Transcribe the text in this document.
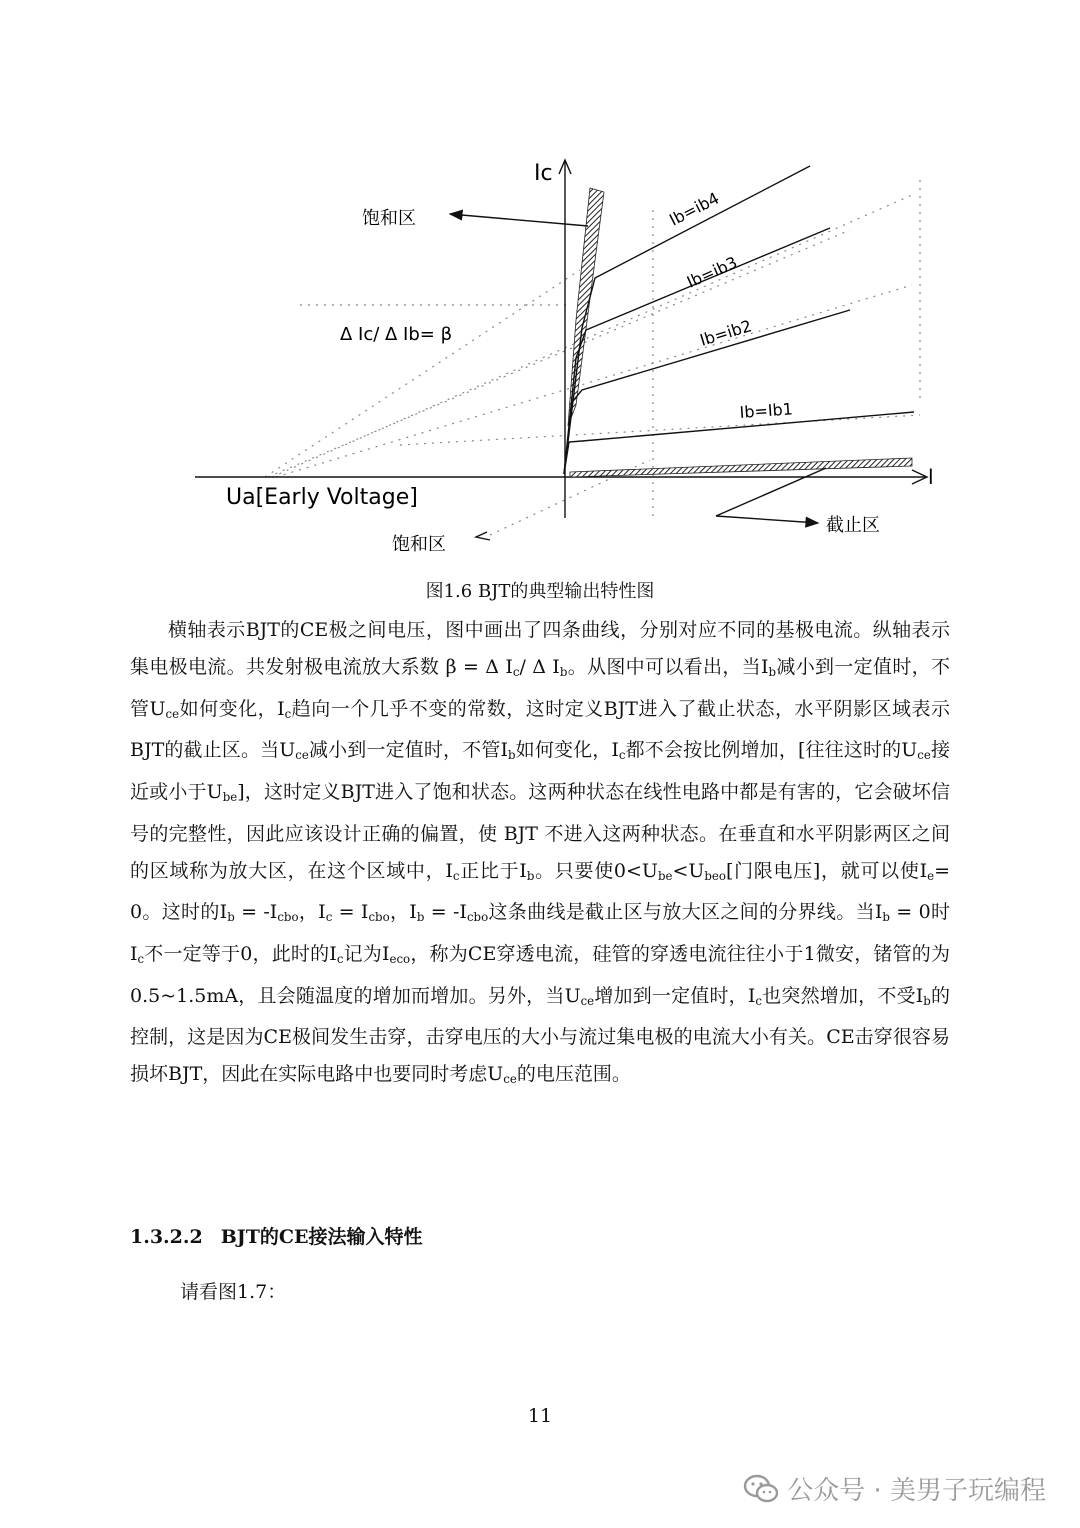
Ic
饱和区
Δ Ic/ Δ Ib= β
Ib=ib4
Ib=ib3
Ib=ib2
Ib=Ib1
Ua[Early Voltage]
饱和区
截止区
l
图1.6 BJT的典型输出特性图

横轴表示BJT的CE极之间电压，图中画出了四条曲线，分别对应不同的基极电流。纵轴表示集电极电流。共发射极电流放大系数 β = Δ $I_c/$ Δ $I_b$。从图中可以看出，当$I_b$减小到一定值时，不管$U_{ce}$如何变化，$I_c$趋向一个几乎不变的常数，这时定义BJT进入了截止状态，水平阴影区域表示BJT的截止区。当$U_{ce}$减小到一定值时，不管$I_b$如何变化，$I_c$都不会按比例增加，[往往这时的$U_{ce}$接近或小于$U_{be}$]，这时定义BJT进入了饱和状态。这两种状态在线性电路中都是有害的，它会破坏信号的完整性，因此应该设计正确的偏置，使 BJT 不进入这两种状态。在垂直和水平阴影两区之间的区域称为放大区，在这个区域中，$I_c$正比于$I_b$。只要使$0<U_{be}<U_{beo}$[门限电压]，就可以使$I_e= 0$。这时的$I_b = -I_{cbo}$，$I_c = I_{cbo}$，$I_b = -I_{cbo}$这条曲线是截止区与放大区之间的分界线。当$I_b = 0$时$I_c$不一定等于0，此时的$I_c$记为$I_{eco}$，称为CE穿透电流，硅管的穿透电流往往小于1微安，锗管的为0.5~1.5mA，且会随温度的增加而增加。另外，当$U_{ce}$增加到一定值时，$I_c$也突然增加，不受$I_b$的控制，这是因为CE极间发生击穿，击穿电压的大小与流过集电极的电流大小有关。CE击穿很容易损坏BJT，因此在实际电路中也要同时考虑$U_{ce}$的电压范围。

1.3.2.2 BJT的CE接法输入特性
请看图1.7：
11
公众号 · 美男子玩编程
